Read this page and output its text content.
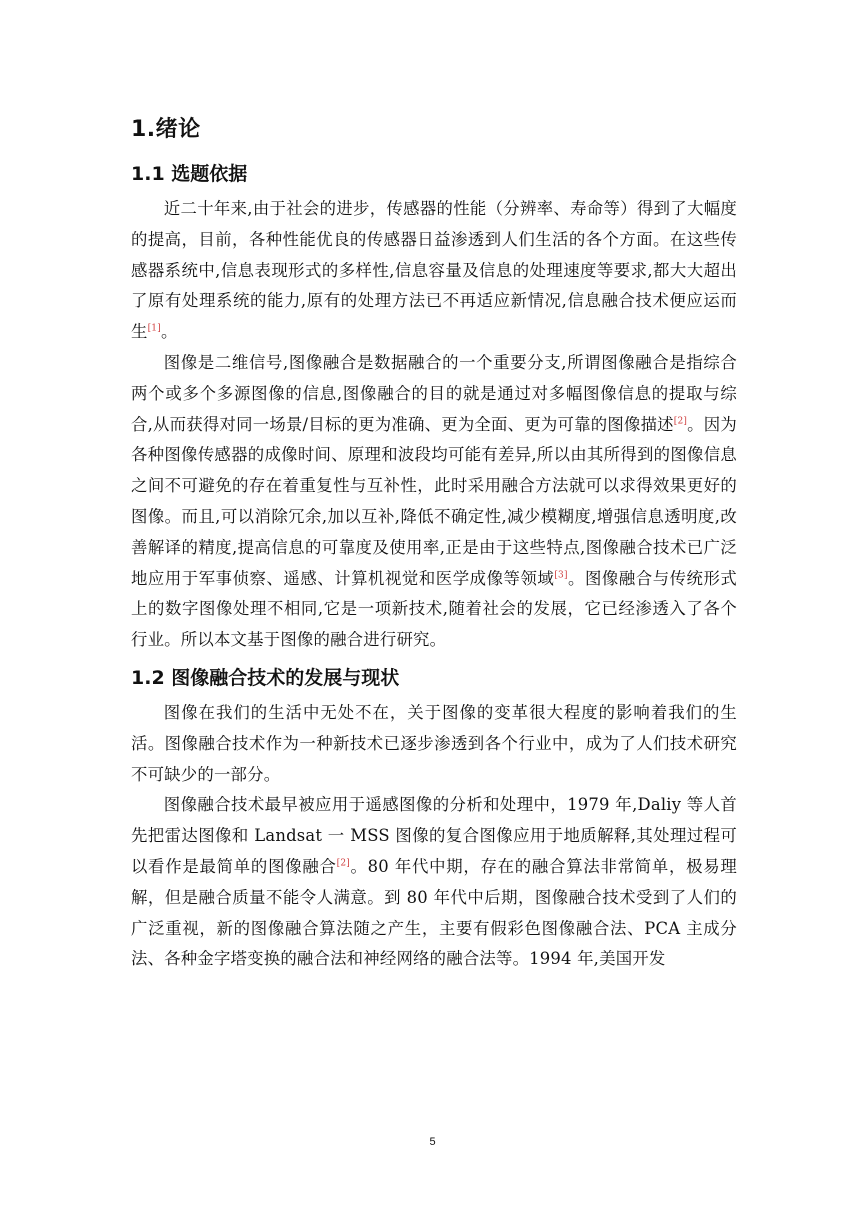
1.绪论
1.1 选题依据

近二十年来,由于社会的进步，传感器的性能（分辨率、寿命等）得到了大幅度的提高，目前，各种性能优良的传感器日益渗透到人们生活的各个方面。在这些传感器系统中,信息表现形式的多样性,信息容量及信息的处理速度等要求,都大大超出了原有处理系统的能力,原有的处理方法已不再适应新情况,信息融合技术便应运而生[1]。

图像是二维信号,图像融合是数据融合的一个重要分支,所谓图像融合是指综合两个或多个多源图像的信息,图像融合的目的就是通过对多幅图像信息的提取与综合,从而获得对同一场景/目标的更为准确、更为全面、更为可靠的图像描述[2]。因为各种图像传感器的成像时间、原理和波段均可能有差异,所以由其所得到的图像信息之间不可避免的存在着重复性与互补性，此时采用融合方法就可以求得效果更好的图像。而且,可以消除冗余,加以互补,降低不确定性,减少模糊度,增强信息透明度,改善解译的精度,提高信息的可靠度及使用率,正是由于这些特点,图像融合技术已广泛地应用于军事侦察、遥感、计算机视觉和医学成像等领域[3]。图像融合与传统形式上的数字图像处理不相同,它是一项新技术,随着社会的发展，它已经渗透入了各个行业。所以本文基于图像的融合进行研究。

1.2 图像融合技术的发展与现状

图像在我们的生活中无处不在，关于图像的变革很大程度的影响着我们的生活。图像融合技术作为一种新技术已逐步渗透到各个行业中，成为了人们技术研究不可缺少的一部分。

图像融合技术最早被应用于遥感图像的分析和处理中，1979 年,Daliy 等人首先把雷达图像和 Landsat 一 MSS 图像的复合图像应用于地质解释,其处理过程可以看作是最简单的图像融合[2]。80 年代中期，存在的融合算法非常简单，极易理解，但是融合质量不能令人满意。到 80 年代中后期，图像融合技术受到了人们的广泛重视，新的图像融合算法随之产生，主要有假彩色图像融合法、PCA 主成分法、各种金字塔变换的融合法和神经网络的融合法等。1994 年,美国开发

5
